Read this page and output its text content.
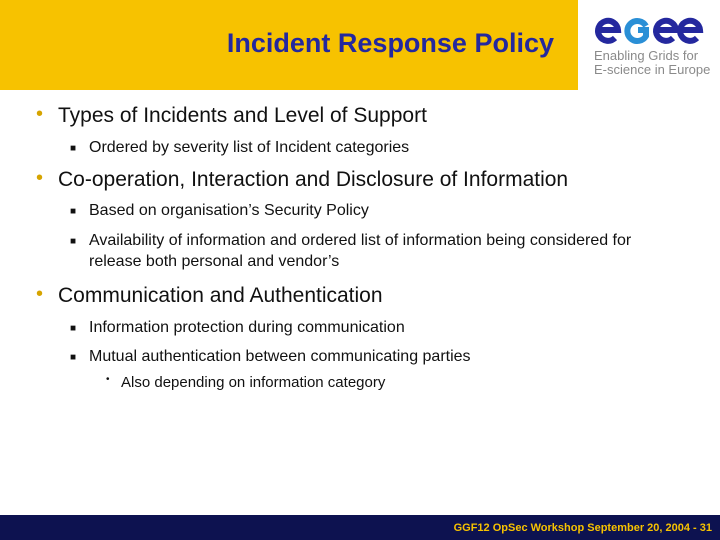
Incident Response Policy	Enabling Grids for
E-science in Europe
• Types of Incidents and Level of Support
■ Ordered by severity list of Incident categories
• Co-operation, Interaction and Disclosure of Information
■ Based on organisation’s Security Policy
■ Availability of information and ordered list of information being considered for release both personal and vendor’s
• Communication and Authentication
■ Information protection during communication
■ Mutual authentication between communicating parties
• Also depending on information category
GGF12 OpSec Workshop September 20, 2004 - 31
